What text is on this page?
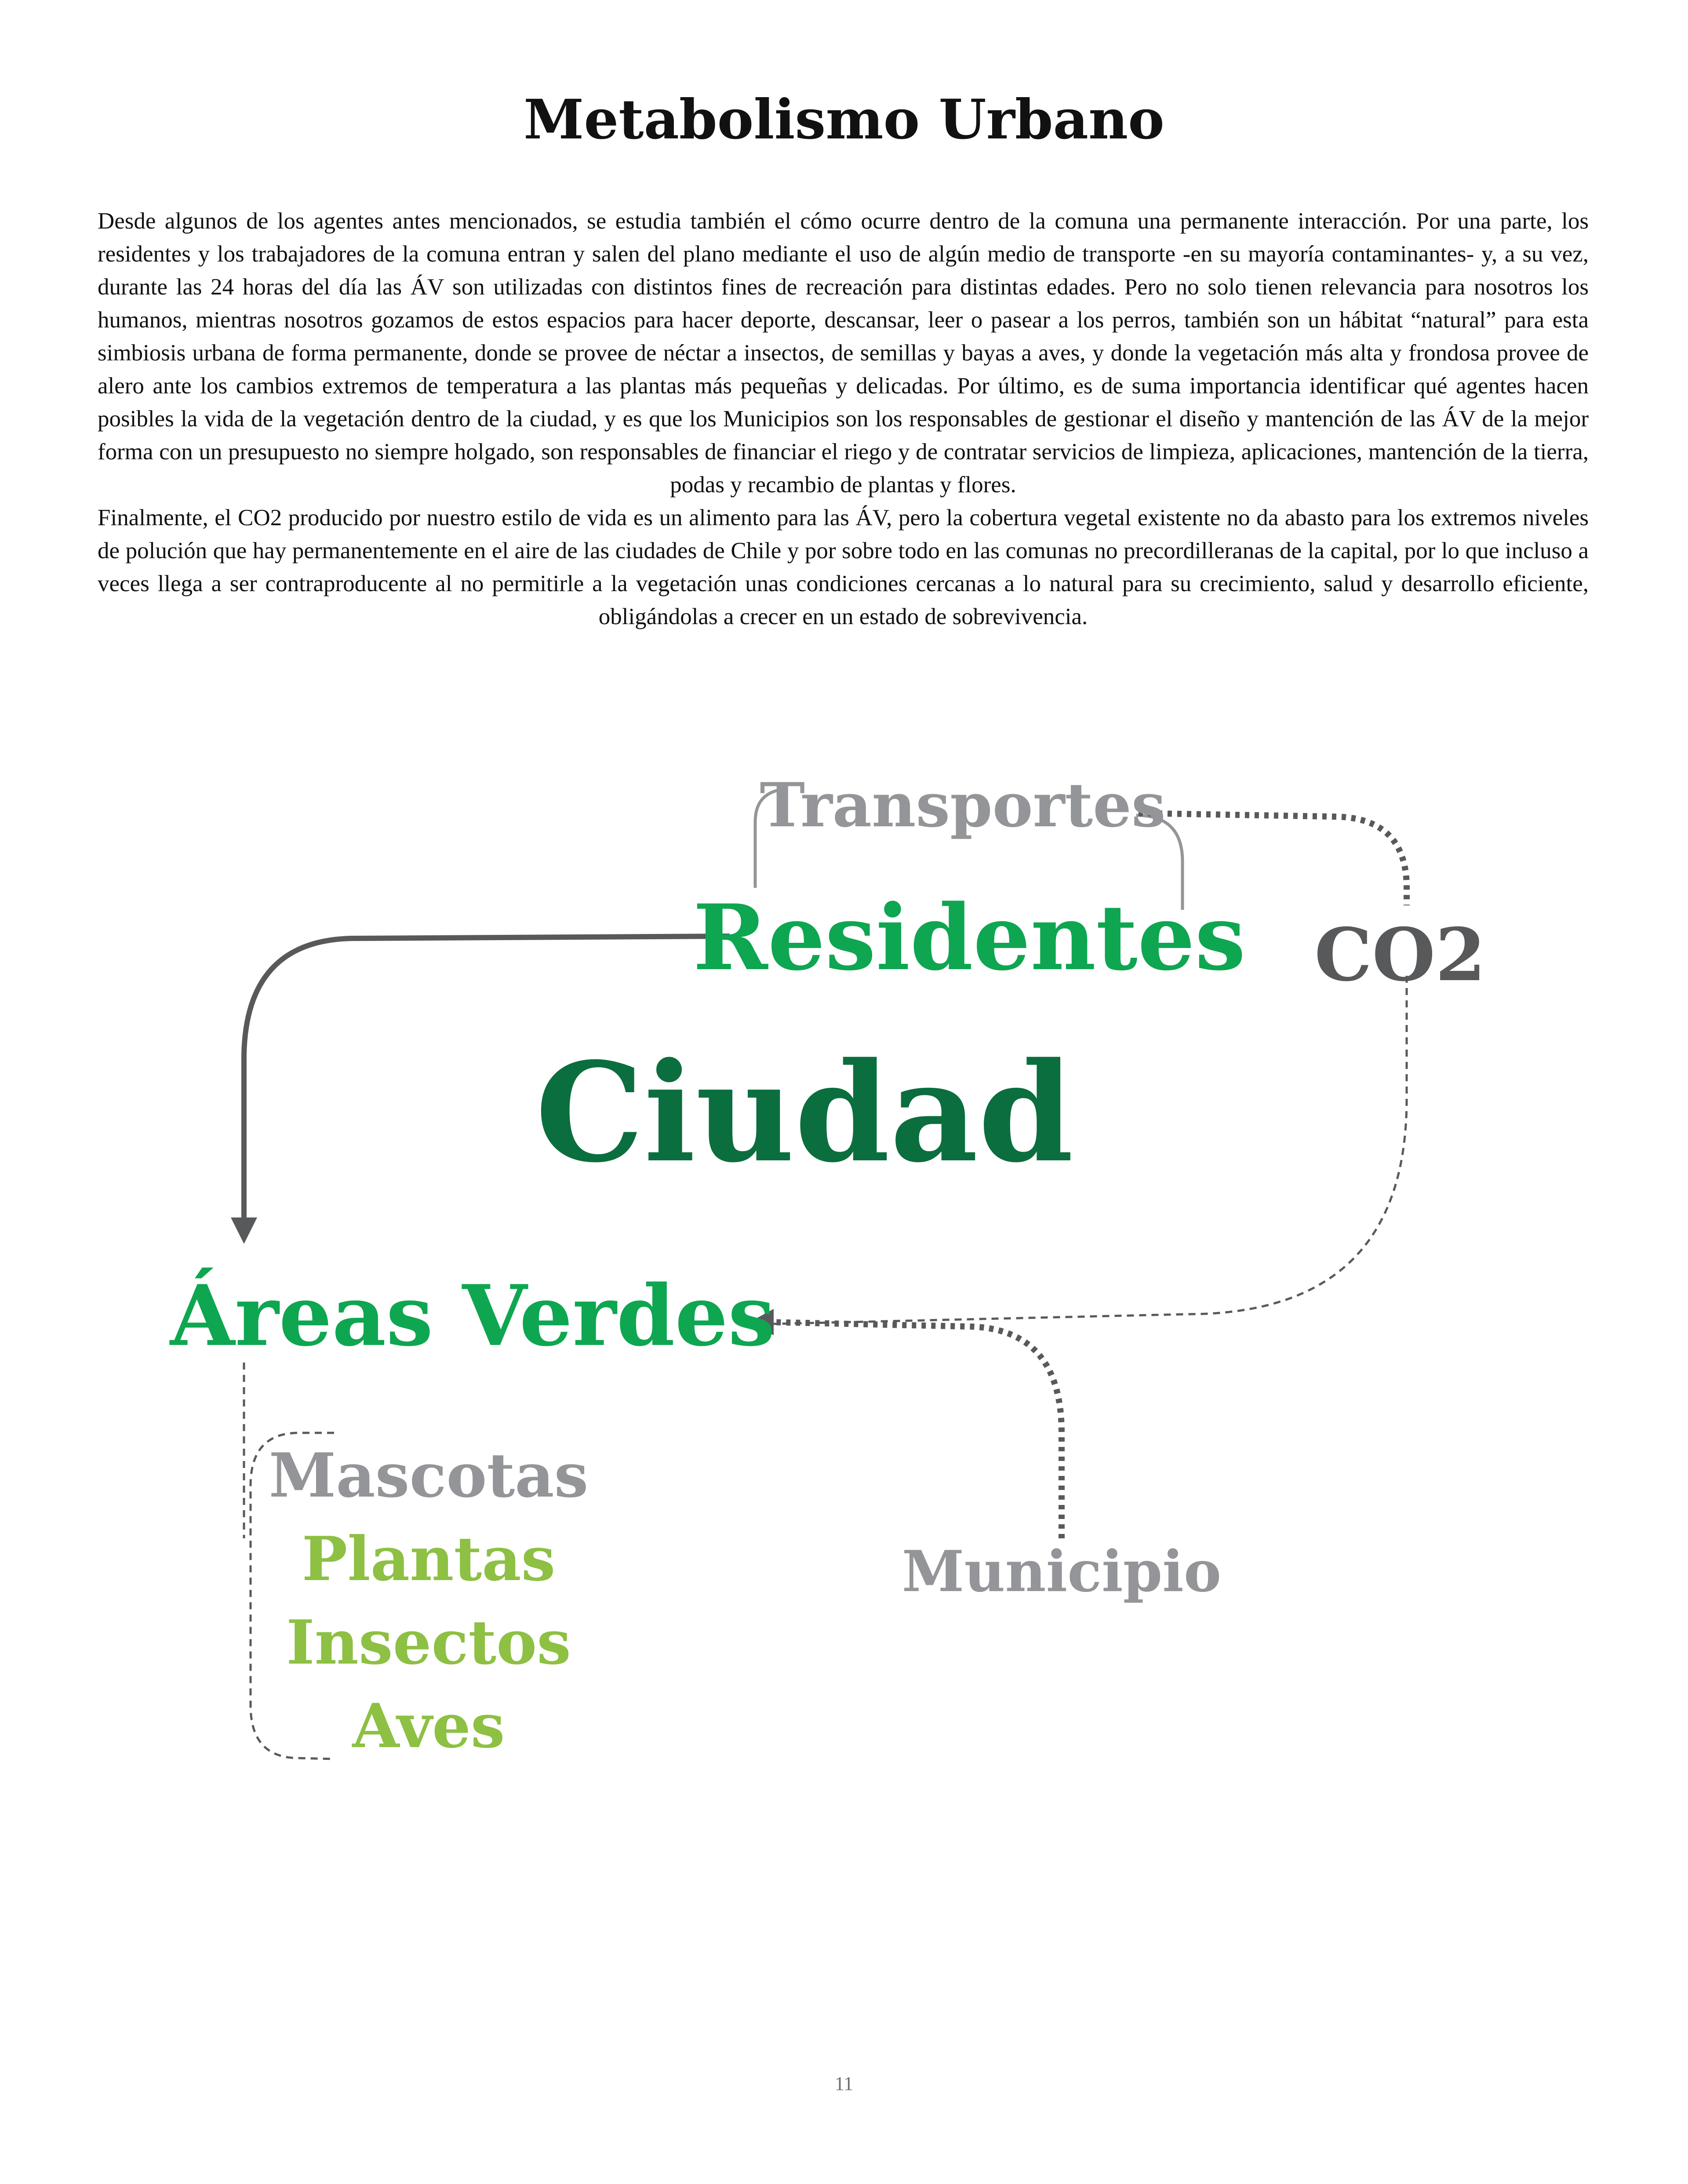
Metabolismo Urbano

Desde algunos de los agentes antes mencionados, se estudia también el cómo ocurre dentro de la comuna una permanente interacción. Por una parte, los residentes y los trabajadores de la comuna entran y salen del plano mediante el uso de algún medio de transporte -en su mayoría contaminantes- y, a su vez, durante las 24 horas del día las ÁV son utilizadas con distintos fines de recreación para distintas edades. Pero no solo tienen relevancia para nosotros los humanos, mientras nosotros gozamos de estos espacios para hacer deporte, descansar, leer o pasear a los perros, también son un hábitat “natural” para esta simbiosis urbana de forma permanente, donde se provee de néctar a insectos, de semillas y bayas a aves, y donde la vegetación más alta y frondosa provee de alero ante los cambios extremos de temperatura a las plantas más pequeñas y delicadas. Por último, es de suma importancia identificar qué agentes hacen posibles la vida de la vegetación dentro de la ciudad, y es que los Municipios son los responsables de gestionar el diseño y mantención de las ÁV de la mejor forma con un presupuesto no siempre holgado, son responsables de financiar el riego y de contratar servicios de limpieza, aplicaciones, mantención de la tierra, podas y recambio de plantas y flores.

Finalmente, el CO2 producido por nuestro estilo de vida es un alimento para las ÁV, pero la cobertura vegetal existente no da abasto para los extremos niveles de polución que hay permanentemente en el aire de las ciudades de Chile y por sobre todo en las comunas no precordilleranas de la capital, por lo que incluso a veces llega a ser contraproducente al no permitirle a la vegetación unas condiciones cercanas a lo natural para su crecimiento, salud y desarrollo eficiente, obligándolas a crecer en un estado de sobrevivencia.

Transportes
Residentes CO2
Ciudad
Áreas Verdes
Mascotas
Plantas
Insectos
Aves
Municipio
11
